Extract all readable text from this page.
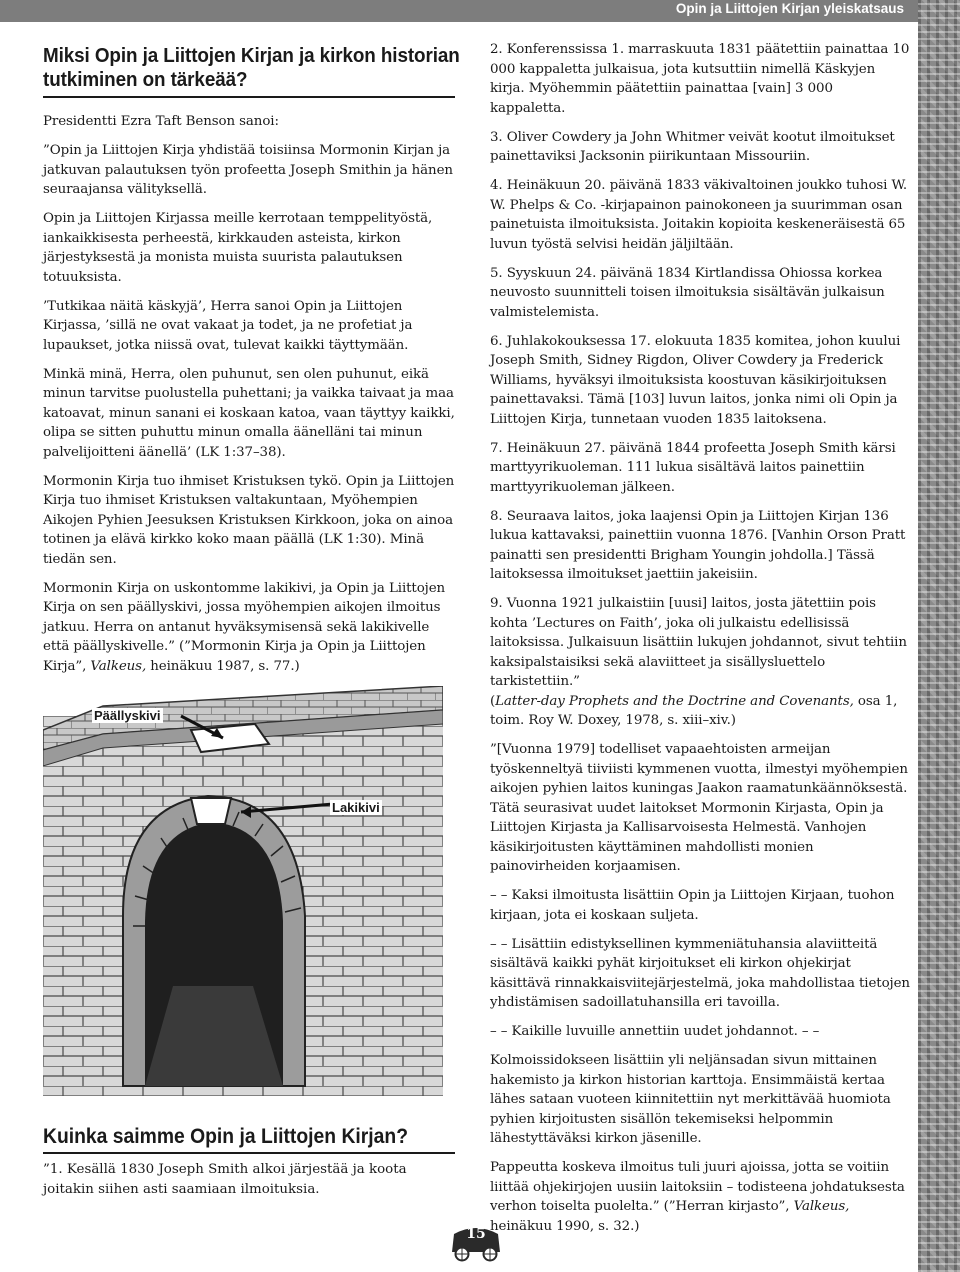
Opin ja Liittojen Kirjan yleiskatsaus
Miksi Opin ja Liittojen Kirjan ja kirkon historian tutkiminen on tärkeää?

Presidentti Ezra Taft Benson sanoi:

”Opin ja Liittojen Kirja yhdistää toisiinsa Mormonin Kirjan ja jatkuvan palautuksen työn profeetta Joseph Smithin ja hänen seuraajansa välityksellä.

Opin ja Liittojen Kirjassa meille kerrotaan temppelityöstä, iankaikkisesta perheestä, kirkkauden asteista, kirkon järjestyksestä ja monista muista suurista palautuksen totuuksista.

’Tutkikaa näitä käskyjä’, Herra sanoi Opin ja Liittojen Kirjassa, ’sillä ne ovat vakaat ja todet, ja ne profetiat ja lupaukset, jotka niissä ovat, tulevat kaikki täyttymään.

Minkä minä, Herra, olen puhunut, sen olen puhunut, eikä minun tarvitse puolustella puhettani; ja vaikka taivaat ja maa katoavat, minun sanani ei koskaan katoa, vaan täyttyy kaikki, olipa se sitten puhuttu minun omalla äänelläni tai minun palvelijoitteni äänellä’ (LK 1:37–38).

Mormonin Kirja tuo ihmiset Kristuksen tykö. Opin ja Liittojen Kirja tuo ihmiset Kristuksen valtakuntaan, Myöhempien Aikojen Pyhien Jeesuksen Kristuksen Kirkkoon, joka on ainoa totinen ja elävä kirkko koko maan päällä (LK 1:30). Minä tiedän sen.

Mormonin Kirja on uskontomme lakikivi, ja Opin ja Liittojen Kirja on sen päällyskivi, jossa myöhempien aikojen ilmoitus jatkuu. Herra on antanut hyväksymisensä sekä lakikivelle että päällyskivelle.” (”Mormonin Kirja ja Opin ja Liittojen Kirja”, Valkeus, heinäkuu 1987, s. 77.)

Päällyskivi
Lakikivi
Kuinka saimme Opin ja Liittojen Kirjan?
”1. Kesällä 1830 Joseph Smith alkoi järjestää ja koota joitakin siihen asti saamiaan ilmoituksia.

2. Konferenssissa 1. marraskuuta 1831 päätettiin painattaa 10 000 kappaletta julkaisua, jota kutsuttiin nimellä Käskyjen kirja. Myöhemmin päätettiin painattaa [vain] 3 000 kappaletta.

3. Oliver Cowdery ja John Whitmer veivät kootut ilmoitukset painettaviksi Jacksonin piirikuntaan Missouriin.

4. Heinäkuun 20. päivänä 1833 väkivaltoinen joukko tuhosi W. W. Phelps & Co. -kirjapainon painokoneen ja suurimman osan painetuista ilmoituksista. Joitakin kopioita keskeneräisestä 65 luvun työstä selvisi heidän jäljiltään.

5. Syyskuun 24. päivänä 1834 Kirtlandissa Ohiossa korkea neuvosto suunnitteli toisen ilmoituksia sisältävän julkaisun valmistelemista.

6. Juhlakokouksessa 17. elokuuta 1835 komitea, johon kuului Joseph Smith, Sidney Rigdon, Oliver Cowdery ja Frederick Williams, hyväksyi ilmoituksista koostuvan käsikirjoituksen painettavaksi. Tämä [103] luvun laitos, jonka nimi oli Opin ja Liittojen Kirja, tunnetaan vuoden 1835 laitoksena.

7. Heinäkuun 27. päivänä 1844 profeetta Joseph Smith kärsi marttyyrikuoleman. 111 lukua sisältävä laitos painettiin marttyyrikuoleman jälkeen.

8. Seuraava laitos, joka laajensi Opin ja Liittojen Kirjan 136 lukua kattavaksi, painettiin vuonna 1876. [Vanhin Orson Pratt painatti sen presidentti Brigham Youngin johdolla.] Tässä laitoksessa ilmoitukset jaettiin jakeisiin.

9. Vuonna 1921 julkaistiin [uusi] laitos, josta jätettiin pois kohta ’Lectures on Faith’, joka oli julkaistu edellisissä laitoksissa. Julkaisuun lisättiin lukujen johdannot, sivut tehtiin kaksipalstaisiksi sekä alaviitteet ja sisällysluettelo tarkistettiin.”
(Latter-day Prophets and the Doctrine and Covenants, osa 1, toim. Roy W. Doxey, 1978, s. xiii–xiv.)

”[Vuonna 1979] todelliset vapaaehtoisten armeijan työskenneltyä tiiviisti kymmenen vuotta, ilmestyi myöhempien aikojen pyhien laitos kuningas Jaakon raamatunkäännöksestä. Tätä seurasivat uudet laitokset Mormonin Kirjasta, Opin ja Liittojen Kirjasta ja Kallisarvoisesta Helmestä. Vanhojen käsikirjoitusten käyttäminen mahdollisti monien painovirheiden korjaamisen.

– – Kaksi ilmoitusta lisättiin Opin ja Liittojen Kirjaan, tuohon kirjaan, jota ei koskaan suljeta.

– – Lisättiin edistyksellinen kymmeniätuhansia alaviitteitä sisältävä kaikki pyhät kirjoitukset eli kirkon ohjekirjat käsittävä rinnakkaisviitejärjestelmä, joka mahdollistaa tietojen yhdistämisen sadoillatuhansilla eri tavoilla.

– – Kaikille luvuille annettiin uudet johdannot. – –

Kolmoissidokseen lisättiin yli neljänsadan sivun mittainen hakemisto ja kirkon historian karttoja. Ensimmäistä kertaa lähes sataan vuoteen kiinnitettiin nyt merkittävää huomiota pyhien kirjoitusten sisällön tekemiseksi helpommin lähestyttäväksi kirkon jäsenille.

Pappeutta koskeva ilmoitus tuli juuri ajoissa, jotta se voitiin liittää ohjekirjojen uusiin laitoksiin – todisteena johdatuksesta verhon toiselta puolelta.” (”Herran kirjasto”, Valkeus, heinäkuu 1990, s. 32.)

15
